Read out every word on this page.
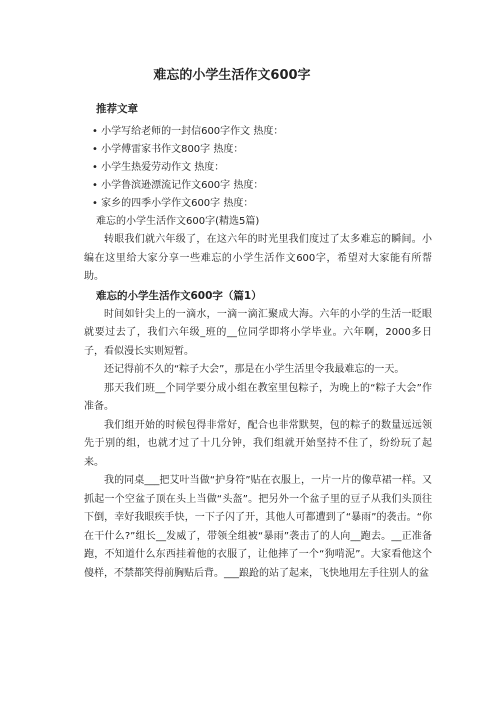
难忘的小学生活作文600字
推荐文章
• 小学写给老师的一封信600字作文 热度：
• 小学傅雷家书作文800字 热度：
• 小学生热爱劳动作文 热度：
• 小学鲁滨逊漂流记作文600字 热度：
• 家乡的四季小学作文600字 热度：

难忘的小学生活作文600字(精选5篇)

转眼我们就六年级了，在这六年的时光里我们度过了太多难忘的瞬间。小编在这里给大家分享一些难忘的小学生活作文600字，希望对大家能有所帮助。

难忘的小学生活作文600字（篇1）

时间如针尖上的一滴水，一滴一滴汇聚成大海。六年的小学的生活一眨眼就要过去了，我们六年级_班的__位同学即将小学毕业。六年啊，2000多日子，看似漫长实则短暂。

还记得前不久的“粽子大会”，那是在小学生活里令我最难忘的一天。

那天我们班__个同学要分成小组在教室里包粽子，为晚上的“粽子大会”作准备。

我们组开始的时候包得非常好，配合也非常默契，包的粽子的数量远远领先于别的组，也就才过了十几分钟，我们组就开始坚持不住了，纷纷玩了起来。

我的同桌___把艾叶当做“护身符”贴在衣服上，一片一片的像草裙一样。又抓起一个空盆子顶在头上当做“头盔”。把另外一个盆子里的豆子从我们头顶往下倒，幸好我眼疾手快，一下子闪了开，其他人可都遭到了“暴雨”的袭击。“你在干什么?”组长__发威了，带领全组被“暴雨”袭击了的人向__跑去。__正准备跑，不知道什么东西挂着他的衣服了，让他摔了一个“狗啃泥”。大家看他这个傻样，不禁都笑得前胸贴后背。___踉跄的站了起来，飞快地用左手往别人的盆
